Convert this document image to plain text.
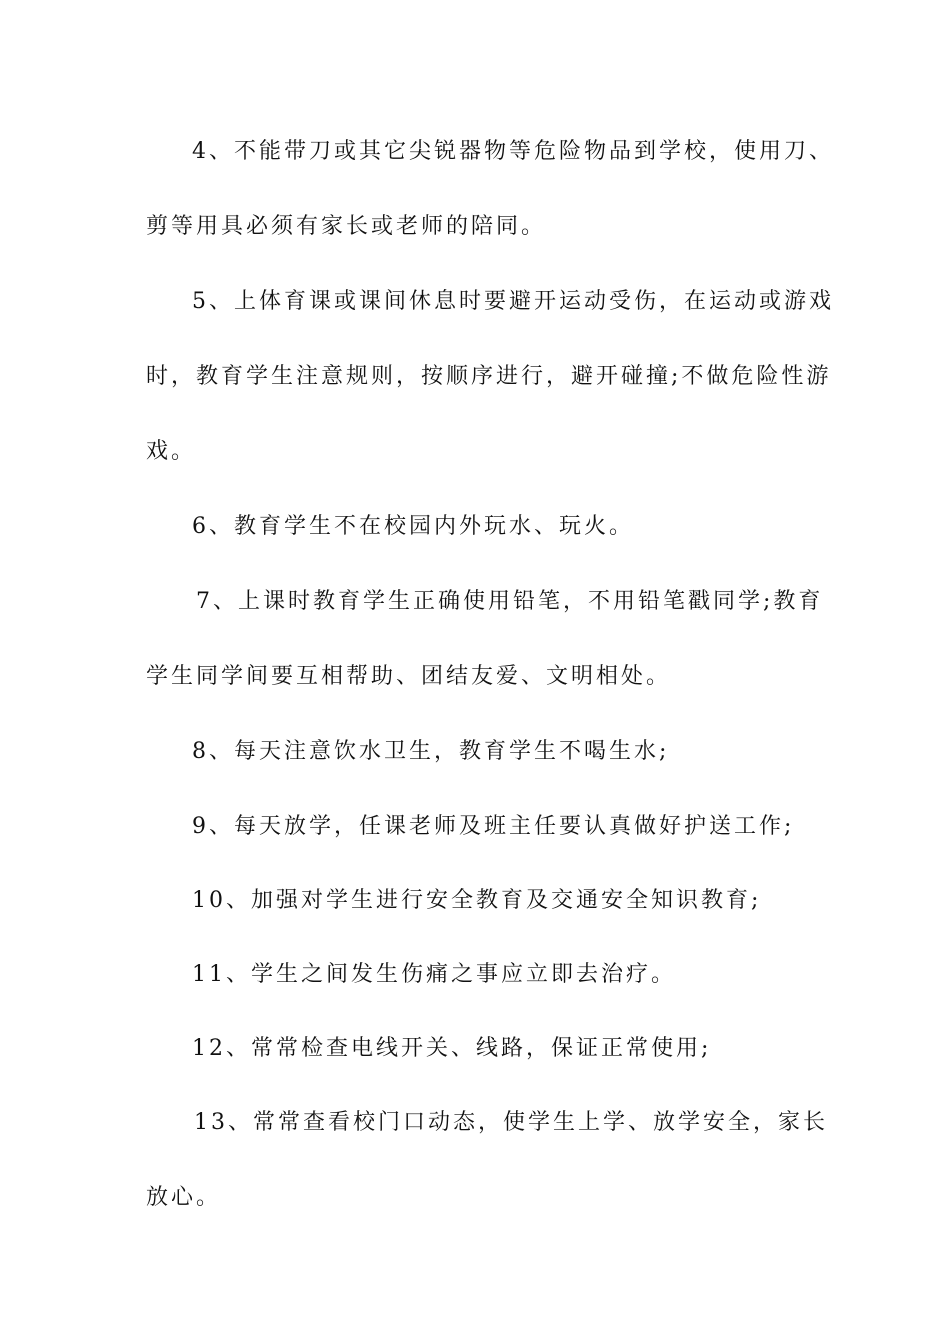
4、不能带刀或其它尖锐器物等危险物品到学校，使用刀、
剪等用具必须有家长或老师的陪同。
5、上体育课或课间休息时要避开运动受伤，在运动或游戏
时，教育学生注意规则，按顺序进行，避开碰撞;不做危险性游
戏。
6、教育学生不在校园内外玩水、玩火。
7、上课时教育学生正确使用铅笔，不用铅笔戳同学;教育
学生同学间要互相帮助、团结友爱、文明相处。
8、每天注意饮水卫生，教育学生不喝生水;
9、每天放学，任课老师及班主任要认真做好护送工作;
10、加强对学生进行安全教育及交通安全知识教育;
11、学生之间发生伤痛之事应立即去治疗。
12、常常检查电线开关、线路，保证正常使用;
13、常常查看校门口动态，使学生上学、放学安全，家长
放心。
